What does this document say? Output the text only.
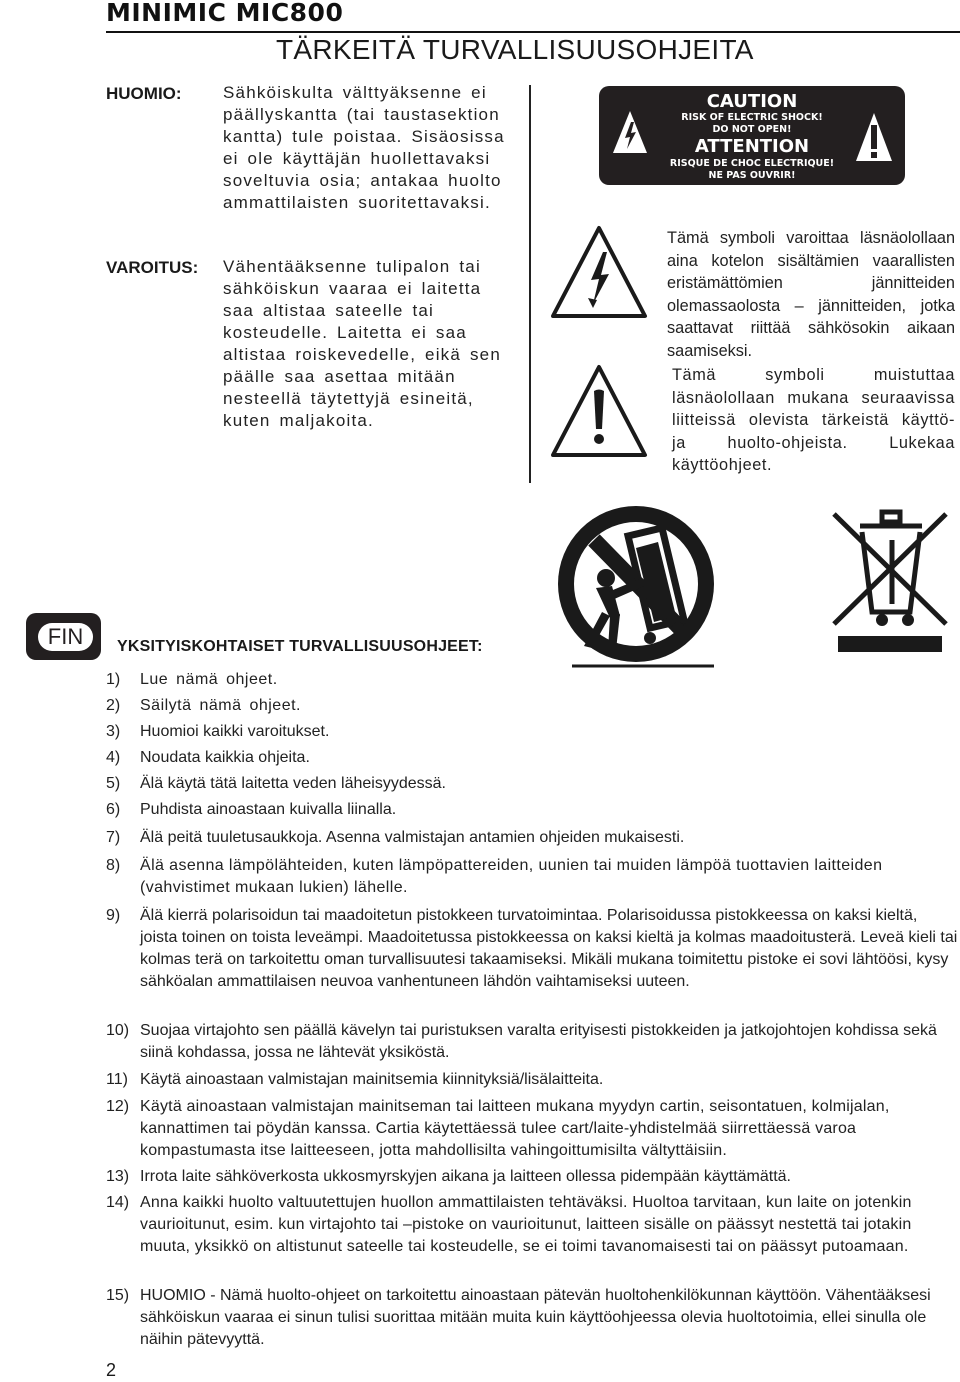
MINIMIC MIC800
TÄRKEITÄ TURVALLISUUSOHJEITA
HUOMIO: Sähköiskulta välttyäksenne ei päällyskantta (tai taustasektion kantta) tule poistaa. Sisäosissa ei ole käyttäjän huollettavaksi soveltuvia osia; antakaa huolto ammattilaisten suoritettavaksi.
VAROITUS: Vähentääksenne tulipalon tai sähköiskun vaaraa ei laitetta saa altistaa sateelle tai kosteudelle. Laitetta ei saa altistaa roiskevedelle, eikä sen päälle saa asettaa mitään nesteellä täytettyjä esineitä, kuten maljakoita.
CAUTION
RISK OF ELECTRIC SHOCK!
DO NOT OPEN!
ATTENTION
RISQUE DE CHOC ELECTRIQUE!
NE PAS OUVRIR!
Tämä symboli varoittaa läsnäolollaan aina kotelon sisältämien vaarallisten eristämättömien jännitteiden olemassaolosta – jännitteiden, jotka saattavat riittää sähkösokin aikaan saamiseksi.
Tämä symboli muistuttaa läsnäolollaan mukana seuraavissa liitteissä olevista tärkeistä käyttö- ja huolto-ohjeista. Lukekaa käyttöohjeet.
FIN	YKSITYISKOHTAISET TURVALLISUUSOHJEET:
1) Lue nämä ohjeet.
2) Säilytä nämä ohjeet.
3) Huomioi kaikki varoitukset.
4) Noudata kaikkia ohjeita.
5) Älä käytä tätä laitetta veden läheisyydessä.
6) Puhdista ainoastaan kuivalla liinalla.
7) Älä peitä tuuletusaukkoja. Asenna valmistajan antamien ohjeiden mukaisesti.
8) Älä asenna lämpölähteiden, kuten lämpöpattereiden, uunien tai muiden lämpöä tuottavien laitteiden (vahvistimet mukaan lukien) lähelle.
9) Älä kierrä polarisoidun tai maadoitetun pistokkeen turvatoimintaa. Polarisoidussa pistokkeessa on kaksi kieltä, joista toinen on toista leveämpi. Maadoitetussa pistokkeessa on kaksi kieltä ja kolmas maadoitusterä. Leveä kieli tai kolmas terä on tarkoitettu oman turvallisuutesi takaamiseksi. Mikäli mukana toimitettu pistoke ei sovi lähtöösi, kysy sähköalan ammattilaisen neuvoa vanhentuneen lähdön vaihtamiseksi uuteen.
10) Suojaa virtajohto sen päällä kävelyn tai puristuksen varalta erityisesti pistokkeiden ja jatkojohtojen kohdissa sekä siinä kohdassa, jossa ne lähtevät yksiköstä.
11) Käytä ainoastaan valmistajan mainitsemia kiinnityksiä/lisälaitteita.
12) Käytä ainoastaan valmistajan mainitseman tai laitteen mukana myydyn cartin, seisontatuen, kolmijalan, kannattimen tai pöydän kanssa. Cartia käytettäessä tulee cart/laite-yhdistelmää siirrettäessä varoa kompastumasta itse laitteeseen, jotta mahdollisilta vahingoittumisilta vältyttäisiin.
13) Irrota laite sähköverkosta ukkosmyrskyjen aikana ja laitteen ollessa pidempään käyttämättä.
14) Anna kaikki huolto valtuutettujen huollon ammattilaisten tehtäväksi. Huoltoa tarvitaan, kun laite on jotenkin vaurioitunut, esim. kun virtajohto tai –pistoke on vaurioitunut, laitteen sisälle on päässyt nestettä tai jotakin muuta, yksikkö on altistunut sateelle tai kosteudelle, se ei toimi tavanomaisesti tai on päässyt putoamaan.
15) HUOMIO - Nämä huolto-ohjeet on tarkoitettu ainoastaan pätevän huoltohenkilökunnan käyttöön. Vähentääksesi sähköiskun vaaraa ei sinun tulisi suorittaa mitään muita kuin käyttöohjeessa olevia huoltotoimia, ellei sinulla ole näihin pätevyyttä.
2
